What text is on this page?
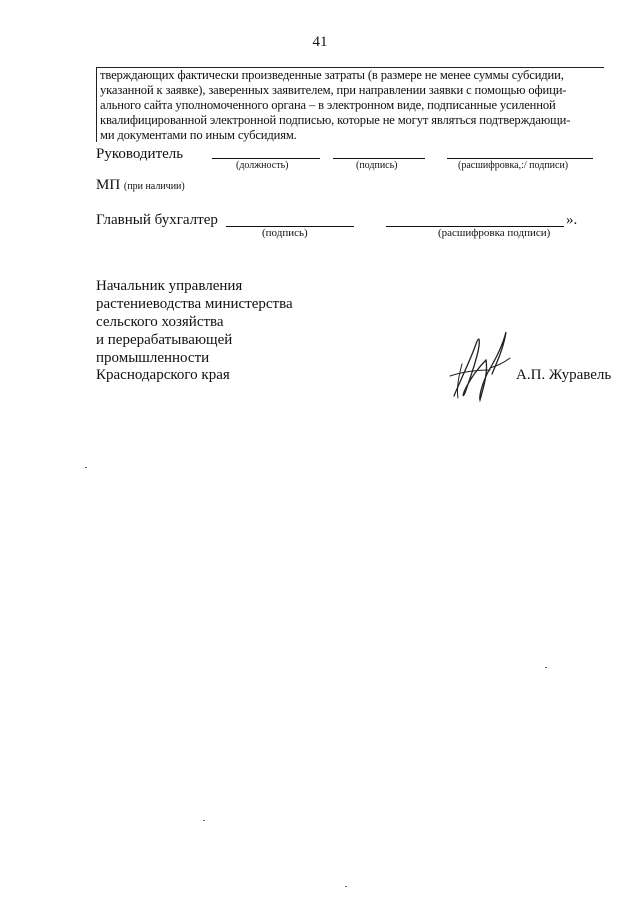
41
тверждающих фактически произведенные затраты (в размере не менее суммы субсидии,
указанной к заявке), заверенных заявителем, при направлении заявки с помощью офици-
ального сайта уполномоченного органа – в электронном виде, подписанные усиленной
квалифицированной электронной подписью, которые не могут являться подтверждающи-
ми документами по иным субсидиям.
Руководитель
(должность)	(подпись)	(расшифровка,:/ подписи)
МП (при наличии)
Главный бухгалтер	».
(подпись)	(расшифровка подписи)
Начальник управления
растениеводства министерства
сельского хозяйства
и перерабатывающей
промышленности
Краснодарского края	А.П. Журавель
